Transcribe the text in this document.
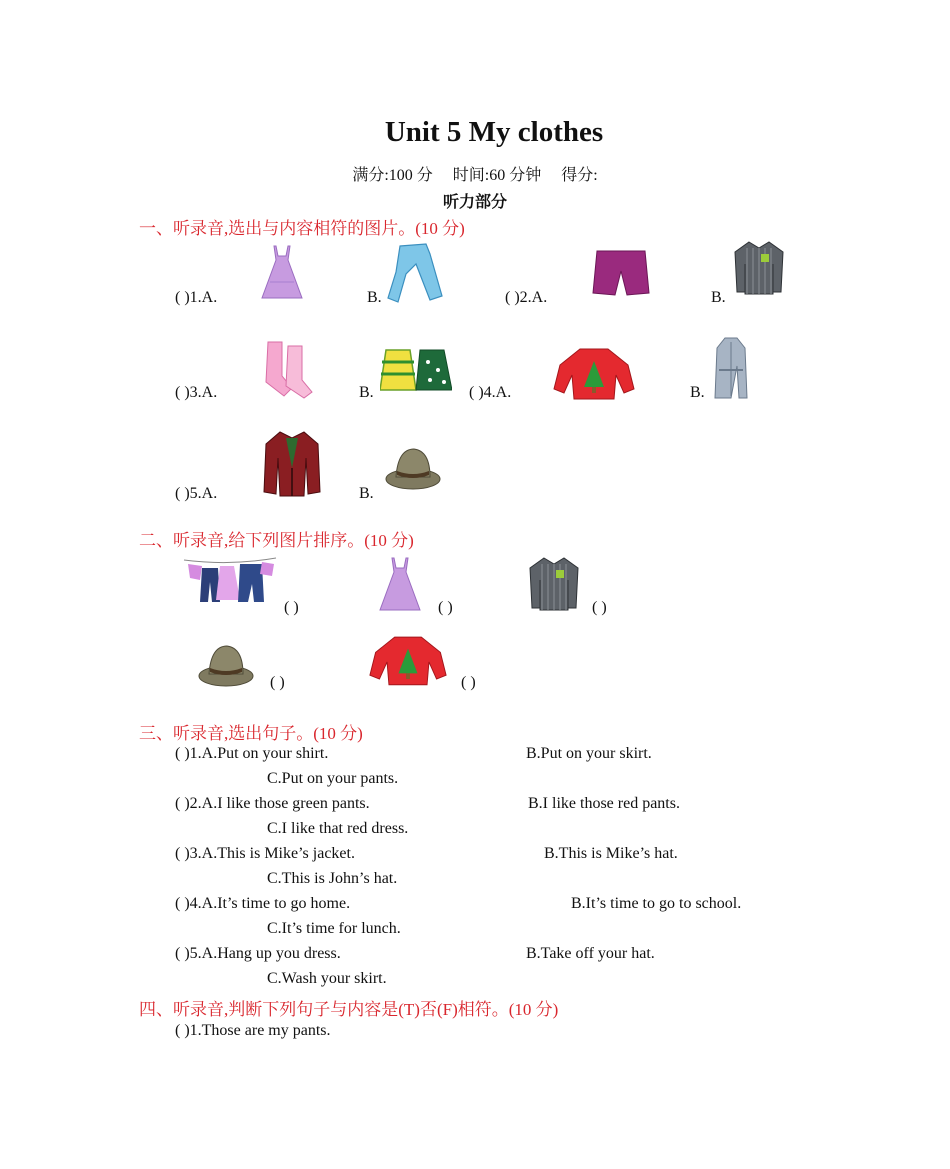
Unit 5 My clothes
满分:100 分 时间:60 分钟 得分:
听力部分
一、听录音,选出与内容相符的图片。(10 分)
( )1.A.	B.	( )2.A.	B.
( )3.A.	B.	( )4.A.	B.
( )5.A.	B.
二、听录音,给下列图片排序。(10 分)
( )	( )	( )
( )	( )
三、听录音,选出句子。(10 分)
( )1.A.Put on your shirt.	B.Put on your skirt.
C.Put on your pants.
( )2.A.I like those green pants.	B.I like those red pants.
C.I like that red dress.
( )3.A.This is Mike’s jacket.	B.This is Mike’s hat.
C.This is John’s hat.
( )4.A.It’s time to go home.	B.It’s time to go to school.
C.It’s time for lunch.
( )5.A.Hang up you dress.	B.Take off your hat.
C.Wash your skirt.
四、听录音,判断下列句子与内容是(T)否(F)相符。(10 分)
( )1.Those are my pants.
